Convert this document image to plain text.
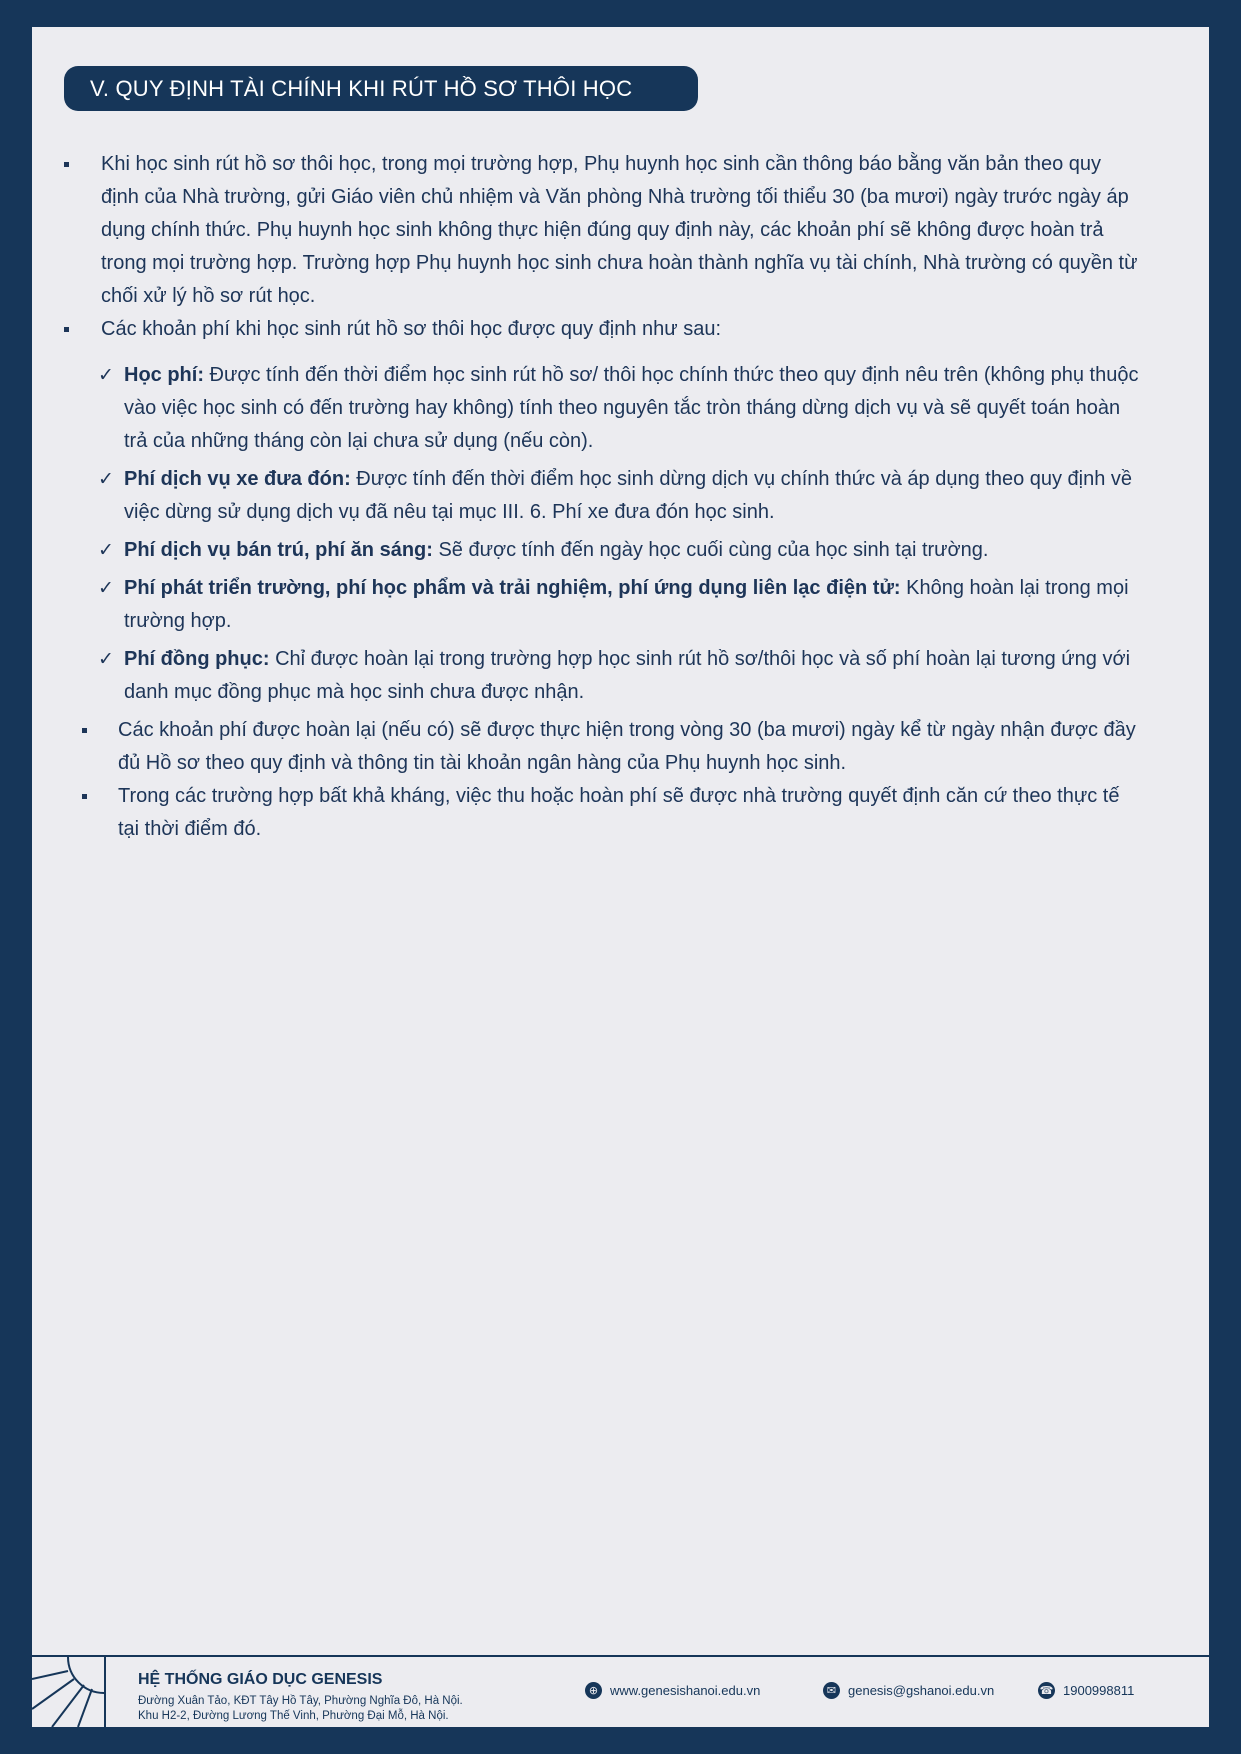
V. QUY ĐỊNH TÀI CHÍNH KHI RÚT HỒ SƠ THÔI HỌC
Khi học sinh rút hồ sơ thôi học, trong mọi trường hợp, Phụ huynh học sinh cần thông báo bằng văn bản theo quy định của Nhà trường, gửi Giáo viên chủ nhiệm và Văn phòng Nhà trường tối thiểu 30 (ba mươi) ngày trước ngày áp dụng chính thức. Phụ huynh học sinh không thực hiện đúng quy định này, các khoản phí sẽ không được hoàn trả trong mọi trường hợp. Trường hợp Phụ huynh học sinh chưa hoàn thành nghĩa vụ tài chính, Nhà trường có quyền từ chối xử lý hồ sơ rút học.
Các khoản phí khi học sinh rút hồ sơ thôi học được quy định như sau:
✓ Học phí: Được tính đến thời điểm học sinh rút hồ sơ/ thôi học chính thức theo quy định nêu trên (không phụ thuộc vào việc học sinh có đến trường hay không) tính theo nguyên tắc tròn tháng dừng dịch vụ và sẽ quyết toán hoàn trả của những tháng còn lại chưa sử dụng (nếu còn).
✓ Phí dịch vụ xe đưa đón: Được tính đến thời điểm học sinh dừng dịch vụ chính thức và áp dụng theo quy định về việc dừng sử dụng dịch vụ đã nêu tại mục III. 6. Phí xe đưa đón học sinh.
✓ Phí dịch vụ bán trú, phí ăn sáng: Sẽ được tính đến ngày học cuối cùng của học sinh tại trường.
✓ Phí phát triển trường, phí học phẩm và trải nghiệm, phí ứng dụng liên lạc điện tử: Không hoàn lại trong mọi trường hợp.
✓ Phí đồng phục: Chỉ được hoàn lại trong trường hợp học sinh rút hồ sơ/thôi học và số phí hoàn lại tương ứng với danh mục đồng phục mà học sinh chưa được nhận.
Các khoản phí được hoàn lại (nếu có) sẽ được thực hiện trong vòng 30 (ba mươi) ngày kể từ ngày nhận được đầy đủ Hồ sơ theo quy định và thông tin tài khoản ngân hàng của Phụ huynh học sinh.
Trong các trường hợp bất khả kháng, việc thu hoặc hoàn phí sẽ được nhà trường quyết định căn cứ theo thực tế tại thời điểm đó.
HỆ THỐNG GIÁO DỤC GENESIS
Đường Xuân Tảo, KĐT Tây Hồ Tây, Phường Nghĩa Đô, Hà Nội.
Khu H2-2, Đường Lương Thế Vinh, Phường Đại Mỗ, Hà Nội.
⊕ www.genesishanoi.edu.vn	✉ genesis@gshanoi.edu.vn	☎ 1900998811
